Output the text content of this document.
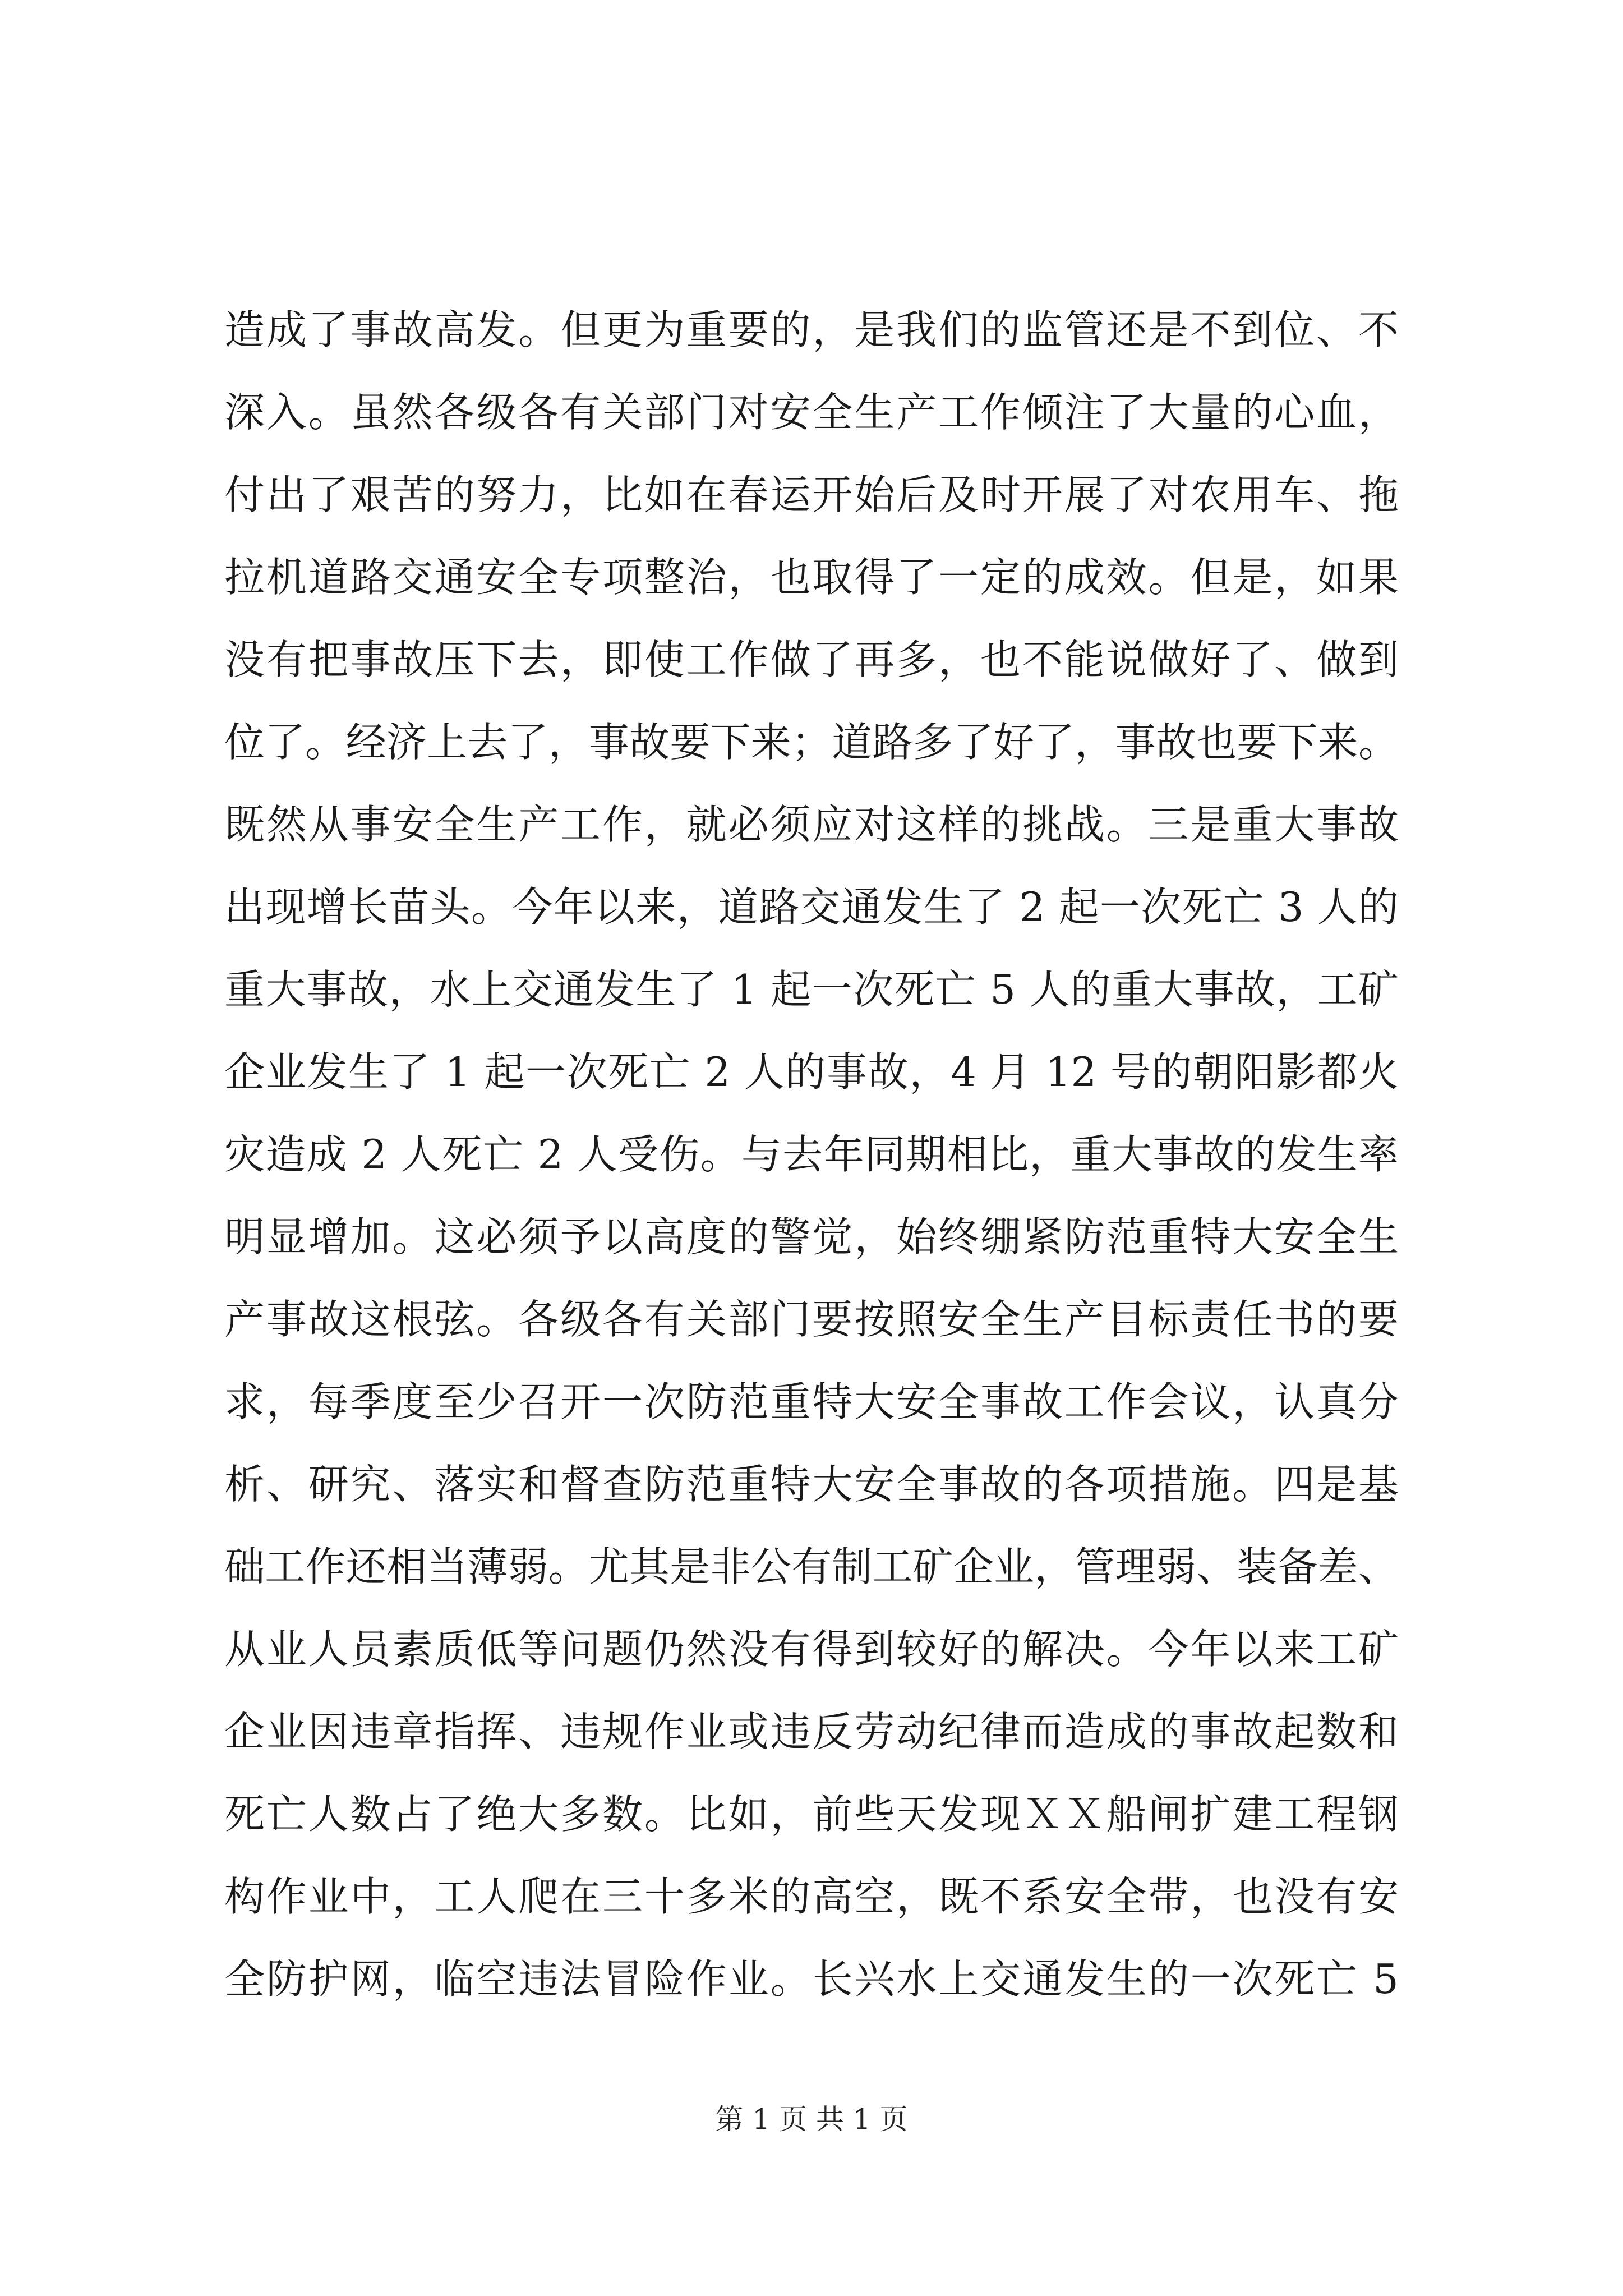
造成了事故高发。但更为重要的，是我们的监管还是不到位、不
深入。虽然各级各有关部门对安全生产工作倾注了大量的心血，
付出了艰苦的努力，比如在春运开始后及时开展了对农用车、拖
拉机道路交通安全专项整治，也取得了一定的成效。但是，如果
没有把事故压下去，即使工作做了再多，也不能说做好了、做到
位了。经济上去了，事故要下来；道路多了好了，事故也要下来。
既然从事安全生产工作，就必须应对这样的挑战。三是重大事故
出现增长苗头。今年以来，道路交通发生了 2 起一次死亡 3 人的
重大事故，水上交通发生了 1 起一次死亡 5 人的重大事故，工矿
企业发生了 1 起一次死亡 2 人的事故，4 月 12 号的朝阳影都火
灾造成 2 人死亡 2 人受伤。与去年同期相比，重大事故的发生率
明显增加。这必须予以高度的警觉，始终绷紧防范重特大安全生
产事故这根弦。各级各有关部门要按照安全生产目标责任书的要
求，每季度至少召开一次防范重特大安全事故工作会议，认真分
析、研究、落实和督查防范重特大安全事故的各项措施。四是基
础工作还相当薄弱。尤其是非公有制工矿企业，管理弱、装备差、
从业人员素质低等问题仍然没有得到较好的解决。今年以来工矿
企业因违章指挥、违规作业或违反劳动纪律而造成的事故起数和
死亡人数占了绝大多数。比如，前些天发现ＸＸ船闸扩建工程钢
构作业中，工人爬在三十多米的高空，既不系安全带，也没有安
全防护网，临空违法冒险作业。长兴水上交通发生的一次死亡 5
第 1 页 共 1 页
